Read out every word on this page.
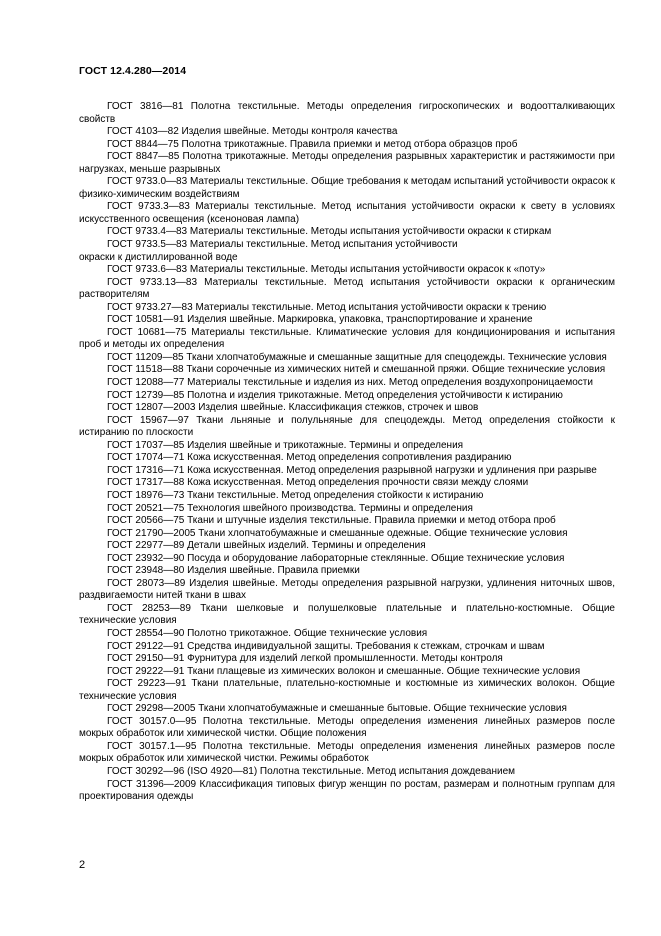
ГОСТ 12.4.280—2014

ГОСТ 3816—81 Полотна текстильные. Методы определения гигроскопических и водоотталкивающих свойств

ГОСТ 4103—82 Изделия швейные. Методы контроля качества

ГОСТ 8844—75 Полотна трикотажные. Правила приемки и метод отбора образцов проб

ГОСТ 8847—85 Полотна трикотажные. Методы определения разрывных характеристик и растяжимости при нагрузках, меньше разрывных

ГОСТ 9733.0—83 Материалы текстильные. Общие требования к методам испытаний устойчивости окрасок к физико-химическим воздействиям

ГОСТ 9733.3—83 Материалы текстильные. Метод испытания устойчивости окраски к свету в условиях искусственного освещения (ксеноновая лампа)

ГОСТ 9733.4—83 Материалы текстильные. Методы испытания устойчивости окраски к стиркам

ГОСТ 9733.5—83 Материалы текстильные. Метод испытания устойчивости

окраски к дистиллированной воде

ГОСТ 9733.6—83 Материалы текстильные. Методы испытания устойчивости окрасок к «поту»

ГОСТ 9733.13—83 Материалы текстильные. Метод испытания устойчивости окраски к органическим растворителям

ГОСТ 9733.27—83 Материалы текстильные. Метод испытания устойчивости окраски к трению

ГОСТ 10581—91 Изделия швейные. Маркировка, упаковка, транспортирование и хранение

ГОСТ 10681—75 Материалы текстильные. Климатические условия для кондиционирования и испытания проб и методы их определения

ГОСТ 11209—85 Ткани хлопчатобумажные и смешанные защитные для спецодежды. Технические условия

ГОСТ 11518—88 Ткани сорочечные из химических нитей и смешанной пряжи. Общие технические условия

ГОСТ 12088—77 Материалы текстильные и изделия из них. Метод определения воздухопроницаемости

ГОСТ 12739—85 Полотна и изделия трикотажные. Метод определения устойчивости к истиранию

ГОСТ 12807—2003 Изделия швейные. Классификация стежков, строчек и швов

ГОСТ 15967—97 Ткани льняные и полульняные для спецодежды. Метод определения стойкости к истиранию по плоскости

ГОСТ 17037—85 Изделия швейные и трикотажные. Термины и определения

ГОСТ 17074—71 Кожа искусственная. Метод определения сопротивления раздиранию

ГОСТ 17316—71 Кожа искусственная. Метод определения разрывной нагрузки и удлинения при разрыве

ГОСТ 17317—88 Кожа искусственная. Метод определения прочности связи между слоями

ГОСТ 18976—73 Ткани текстильные. Метод определения стойкости к истиранию

ГОСТ 20521—75 Технология швейного производства. Термины и определения

ГОСТ 20566—75 Ткани и штучные изделия текстильные. Правила приемки и метод отбора проб

ГОСТ 21790—2005 Ткани хлопчатобумажные и смешанные одежные. Общие технические условия

ГОСТ 22977—89 Детали швейных изделий. Термины и определения

ГОСТ 23932—90 Посуда и оборудование лабораторные стеклянные. Общие технические условия

ГОСТ 23948—80 Изделия швейные. Правила приемки

ГОСТ 28073—89 Изделия швейные. Методы определения разрывной нагрузки, удлинения ниточных швов, раздвигаемости нитей ткани в швах

ГОСТ 28253—89 Ткани шелковые и полушелковые плательные и плательно-костюмные. Общие технические условия

ГОСТ 28554—90 Полотно трикотажное. Общие технические условия

ГОСТ 29122—91 Средства индивидуальной защиты. Требования к стежкам, строчкам и швам

ГОСТ 29150—91 Фурнитура для изделий легкой промышленности. Методы контроля

ГОСТ 29222—91 Ткани плащевые из химических волокон и смешанные. Общие технические условия

ГОСТ 29223—91 Ткани плательные, плательно-костюмные и костюмные из химических волокон. Общие технические условия

ГОСТ 29298—2005 Ткани хлопчатобумажные и смешанные бытовые. Общие технические условия

ГОСТ 30157.0—95 Полотна текстильные. Методы определения изменения линейных размеров после мокрых обработок или химической чистки. Общие положения

ГОСТ 30157.1—95 Полотна текстильные. Методы определения изменения линейных размеров после мокрых обработок или химической чистки. Режимы обработок

ГОСТ 30292—96 (ISO 4920—81) Полотна текстильные. Метод испытания дождеванием

ГОСТ 31396—2009 Классификация типовых фигур женщин по ростам, размерам и полнотным группам для проектирования одежды

2
